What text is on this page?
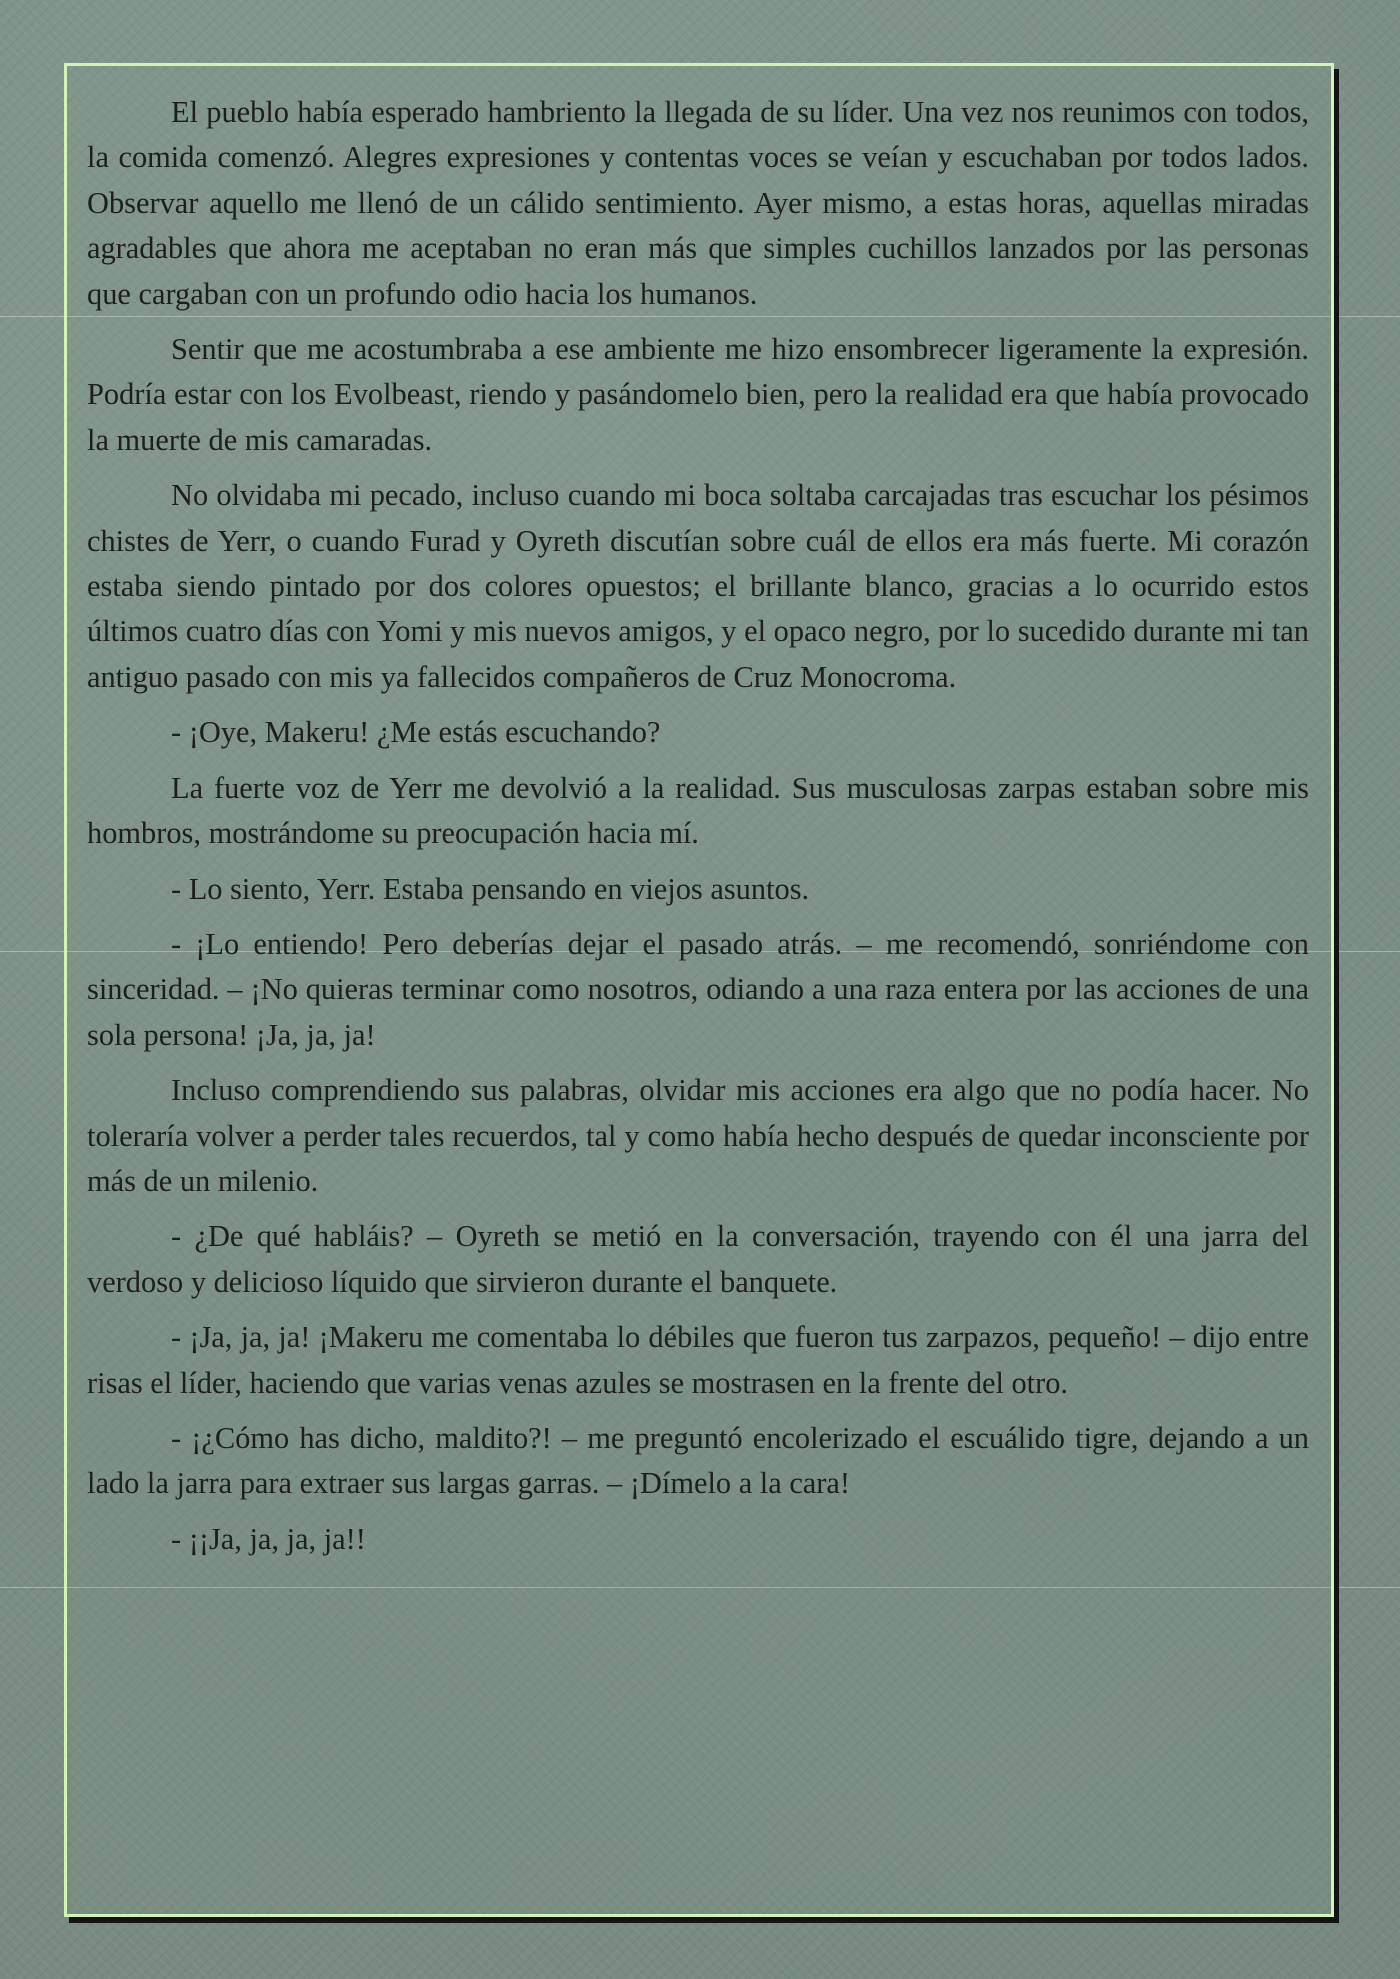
El pueblo había esperado hambriento la llegada de su líder. Una vez nos reunimos con todos, la comida comenzó. Alegres expresiones y contentas voces se veían y escuchaban por todos lados. Observar aquello me llenó de un cálido sentimiento. Ayer mismo, a estas horas, aquellas miradas agradables que ahora me aceptaban no eran más que simples cuchillos lanzados por las personas que cargaban con un profundo odio hacia los humanos.

Sentir que me acostumbraba a ese ambiente me hizo ensombrecer ligeramente la expresión. Podría estar con los Evolbeast, riendo y pasándomelo bien, pero la realidad era que había provocado la muerte de mis camaradas.

No olvidaba mi pecado, incluso cuando mi boca soltaba carcajadas tras escuchar los pésimos chistes de Yerr, o cuando Furad y Oyreth discutían sobre cuál de ellos era más fuerte. Mi corazón estaba siendo pintado por dos colores opuestos; el brillante blanco, gracias a lo ocurrido estos últimos cuatro días con Yomi y mis nuevos amigos, y el opaco negro, por lo sucedido durante mi tan antiguo pasado con mis ya fallecidos compañeros de Cruz Monocroma.

- ¡Oye, Makeru! ¿Me estás escuchando?

La fuerte voz de Yerr me devolvió a la realidad. Sus musculosas zarpas estaban sobre mis hombros, mostrándome su preocupación hacia mí.

- Lo siento, Yerr. Estaba pensando en viejos asuntos.

- ¡Lo entiendo! Pero deberías dejar el pasado atrás. – me recomendó, sonriéndome con sinceridad. – ¡No quieras terminar como nosotros, odiando a una raza entera por las acciones de una sola persona! ¡Ja, ja, ja!

Incluso comprendiendo sus palabras, olvidar mis acciones era algo que no podía hacer. No toleraría volver a perder tales recuerdos, tal y como había hecho después de quedar inconsciente por más de un milenio.

- ¿De qué habláis? – Oyreth se metió en la conversación, trayendo con él una jarra del verdoso y delicioso líquido que sirvieron durante el banquete.

- ¡Ja, ja, ja! ¡Makeru me comentaba lo débiles que fueron tus zarpazos, pequeño! – dijo entre risas el líder, haciendo que varias venas azules se mostrasen en la frente del otro.

- ¡¿Cómo has dicho, maldito?! – me preguntó encolerizado el escuálido tigre, dejando a un lado la jarra para extraer sus largas garras. – ¡Dímelo a la cara!

- ¡¡Ja, ja, ja, ja!!
